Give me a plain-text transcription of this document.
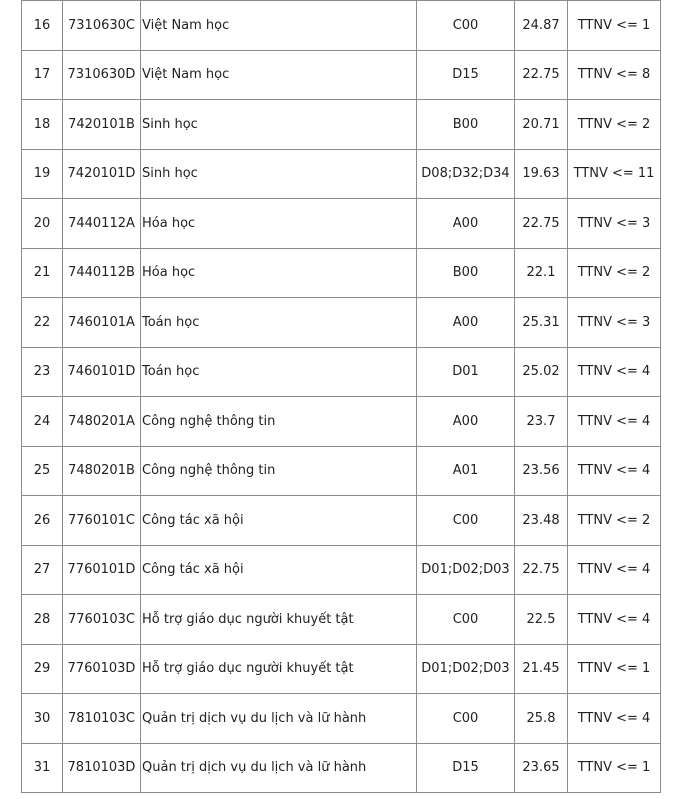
16	7310630C	Việt Nam học	C00	24.87	TTNV <= 1
17	7310630D	Việt Nam học	D15	22.75	TTNV <= 8
18	7420101B	Sinh học	B00	20.71	TTNV <= 2
19	7420101D	Sinh học	D08;D32;D34	19.63	TTNV <= 11
20	7440112A	Hóa học	A00	22.75	TTNV <= 3
21	7440112B	Hóa học	B00	22.1	TTNV <= 2
22	7460101A	Toán học	A00	25.31	TTNV <= 3
23	7460101D	Toán học	D01	25.02	TTNV <= 4
24	7480201A	Công nghệ thông tin	A00	23.7	TTNV <= 4
25	7480201B	Công nghệ thông tin	A01	23.56	TTNV <= 4
26	7760101C	Công tác xã hội	C00	23.48	TTNV <= 2
27	7760101D	Công tác xã hội	D01;D02;D03	22.75	TTNV <= 4
28	7760103C	Hỗ trợ giáo dục người khuyết tật	C00	22.5	TTNV <= 4
29	7760103D	Hỗ trợ giáo dục người khuyết tật	D01;D02;D03	21.45	TTNV <= 1
30	7810103C	Quản trị dịch vụ du lịch và lữ hành	C00	25.8	TTNV <= 4
31	7810103D	Quản trị dịch vụ du lịch và lữ hành	D15	23.65	TTNV <= 1
